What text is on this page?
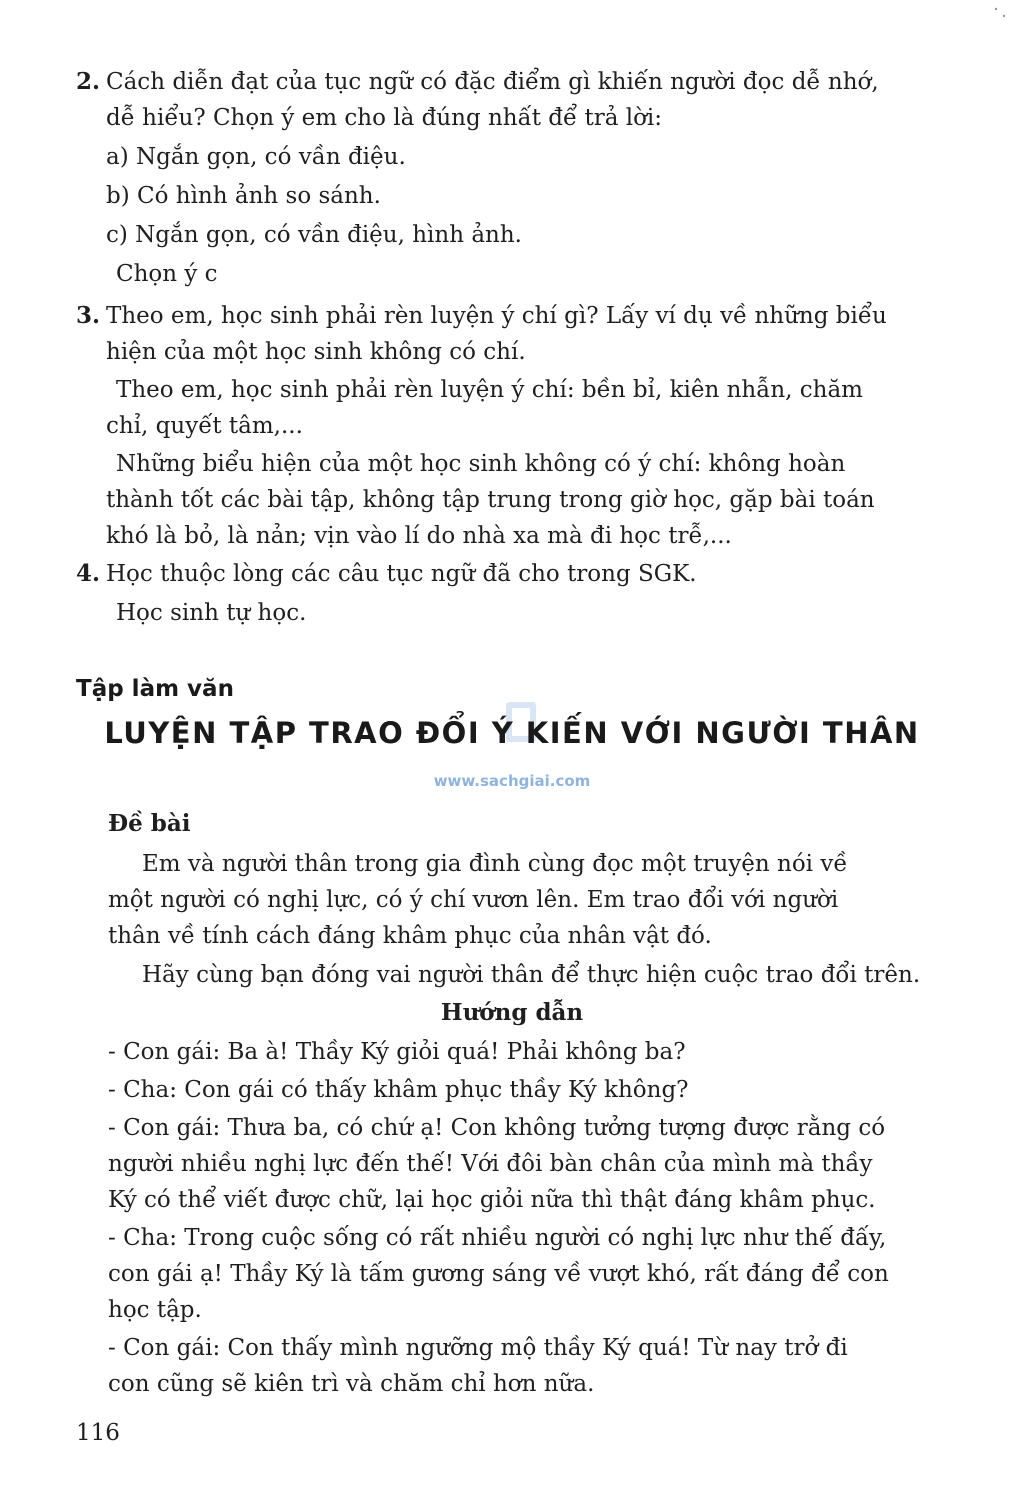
2. Cách diễn đạt của tục ngữ có đặc điểm gì khiến người đọc dễ nhớ,
dễ hiểu? Chọn ý em cho là đúng nhất để trả lời:
a) Ngắn gọn, có vần điệu.
b) Có hình ảnh so sánh.
c) Ngắn gọn, có vần điệu, hình ảnh.
Chọn ý c
3. Theo em, học sinh phải rèn luyện ý chí gì? Lấy ví dụ về những biểu
hiện của một học sinh không có chí.
Theo em, học sinh phải rèn luyện ý chí: bền bỉ, kiên nhẫn, chăm
chỉ, quyết tâm,...
Những biểu hiện của một học sinh không có ý chí: không hoàn
thành tốt các bài tập, không tập trung trong giờ học, gặp bài toán
khó là bỏ, là nản; vịn vào lí do nhà xa mà đi học trễ,...
4. Học thuộc lòng các câu tục ngữ đã cho trong SGK.
Học sinh tự học.
Tập làm văn
LUYỆN TẬP TRAO ĐỔI Ý KIẾN VỚI NGƯỜI THÂN
www.sachgiai.com
Đề bài
Em và người thân trong gia đình cùng đọc một truyện nói về
một người có nghị lực, có ý chí vươn lên. Em trao đổi với người
thân về tính cách đáng khâm phục của nhân vật đó.
Hãy cùng bạn đóng vai người thân để thực hiện cuộc trao đổi trên.
Hướng dẫn
- Con gái: Ba à! Thầy Ký giỏi quá! Phải không ba?
- Cha: Con gái có thấy khâm phục thầy Ký không?
- Con gái: Thưa ba, có chứ ạ! Con không tưởng tượng được rằng có
người nhiều nghị lực đến thế! Với đôi bàn chân của mình mà thầy
Ký có thể viết được chữ, lại học giỏi nữa thì thật đáng khâm phục.
- Cha: Trong cuộc sống có rất nhiều người có nghị lực như thế đấy,
con gái ạ! Thầy Ký là tấm gương sáng về vượt khó, rất đáng để con
học tập.
- Con gái: Con thấy mình ngưỡng mộ thầy Ký quá! Từ nay trở đi
con cũng sẽ kiên trì và chăm chỉ hơn nữa.
116
